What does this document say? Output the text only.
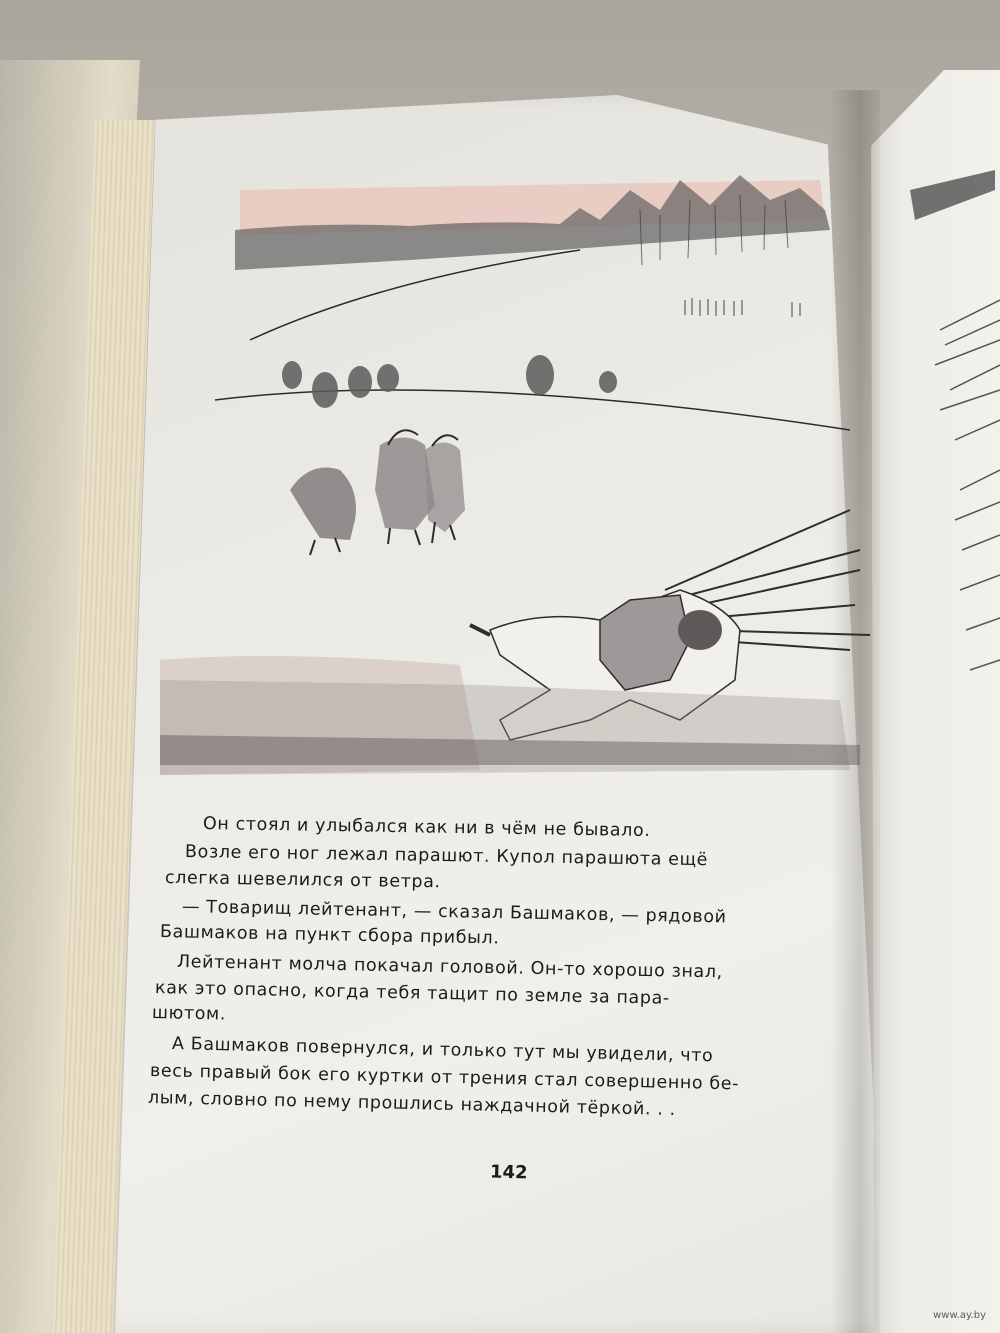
Он стоял и улыбался как ни в чём не бывало.
Возле его ног лежал парашют. Купол парашюта ещё
слегка шевелился от ветра.
— Товарищ лейтенант, — сказал Башмаков, — рядовой
Башмаков на пункт сбора прибыл.
Лейтенант молча покачал головой. Он-то хорошо знал,
как это опасно, когда тебя тащит по земле за пара-
шютом.
А Башмаков повернулся, и только тут мы увидели, что
весь правый бок его куртки от трения стал совершенно бе-
лым, словно по нему прошлись наждачной тёркой. . .
142
www.ay.by
